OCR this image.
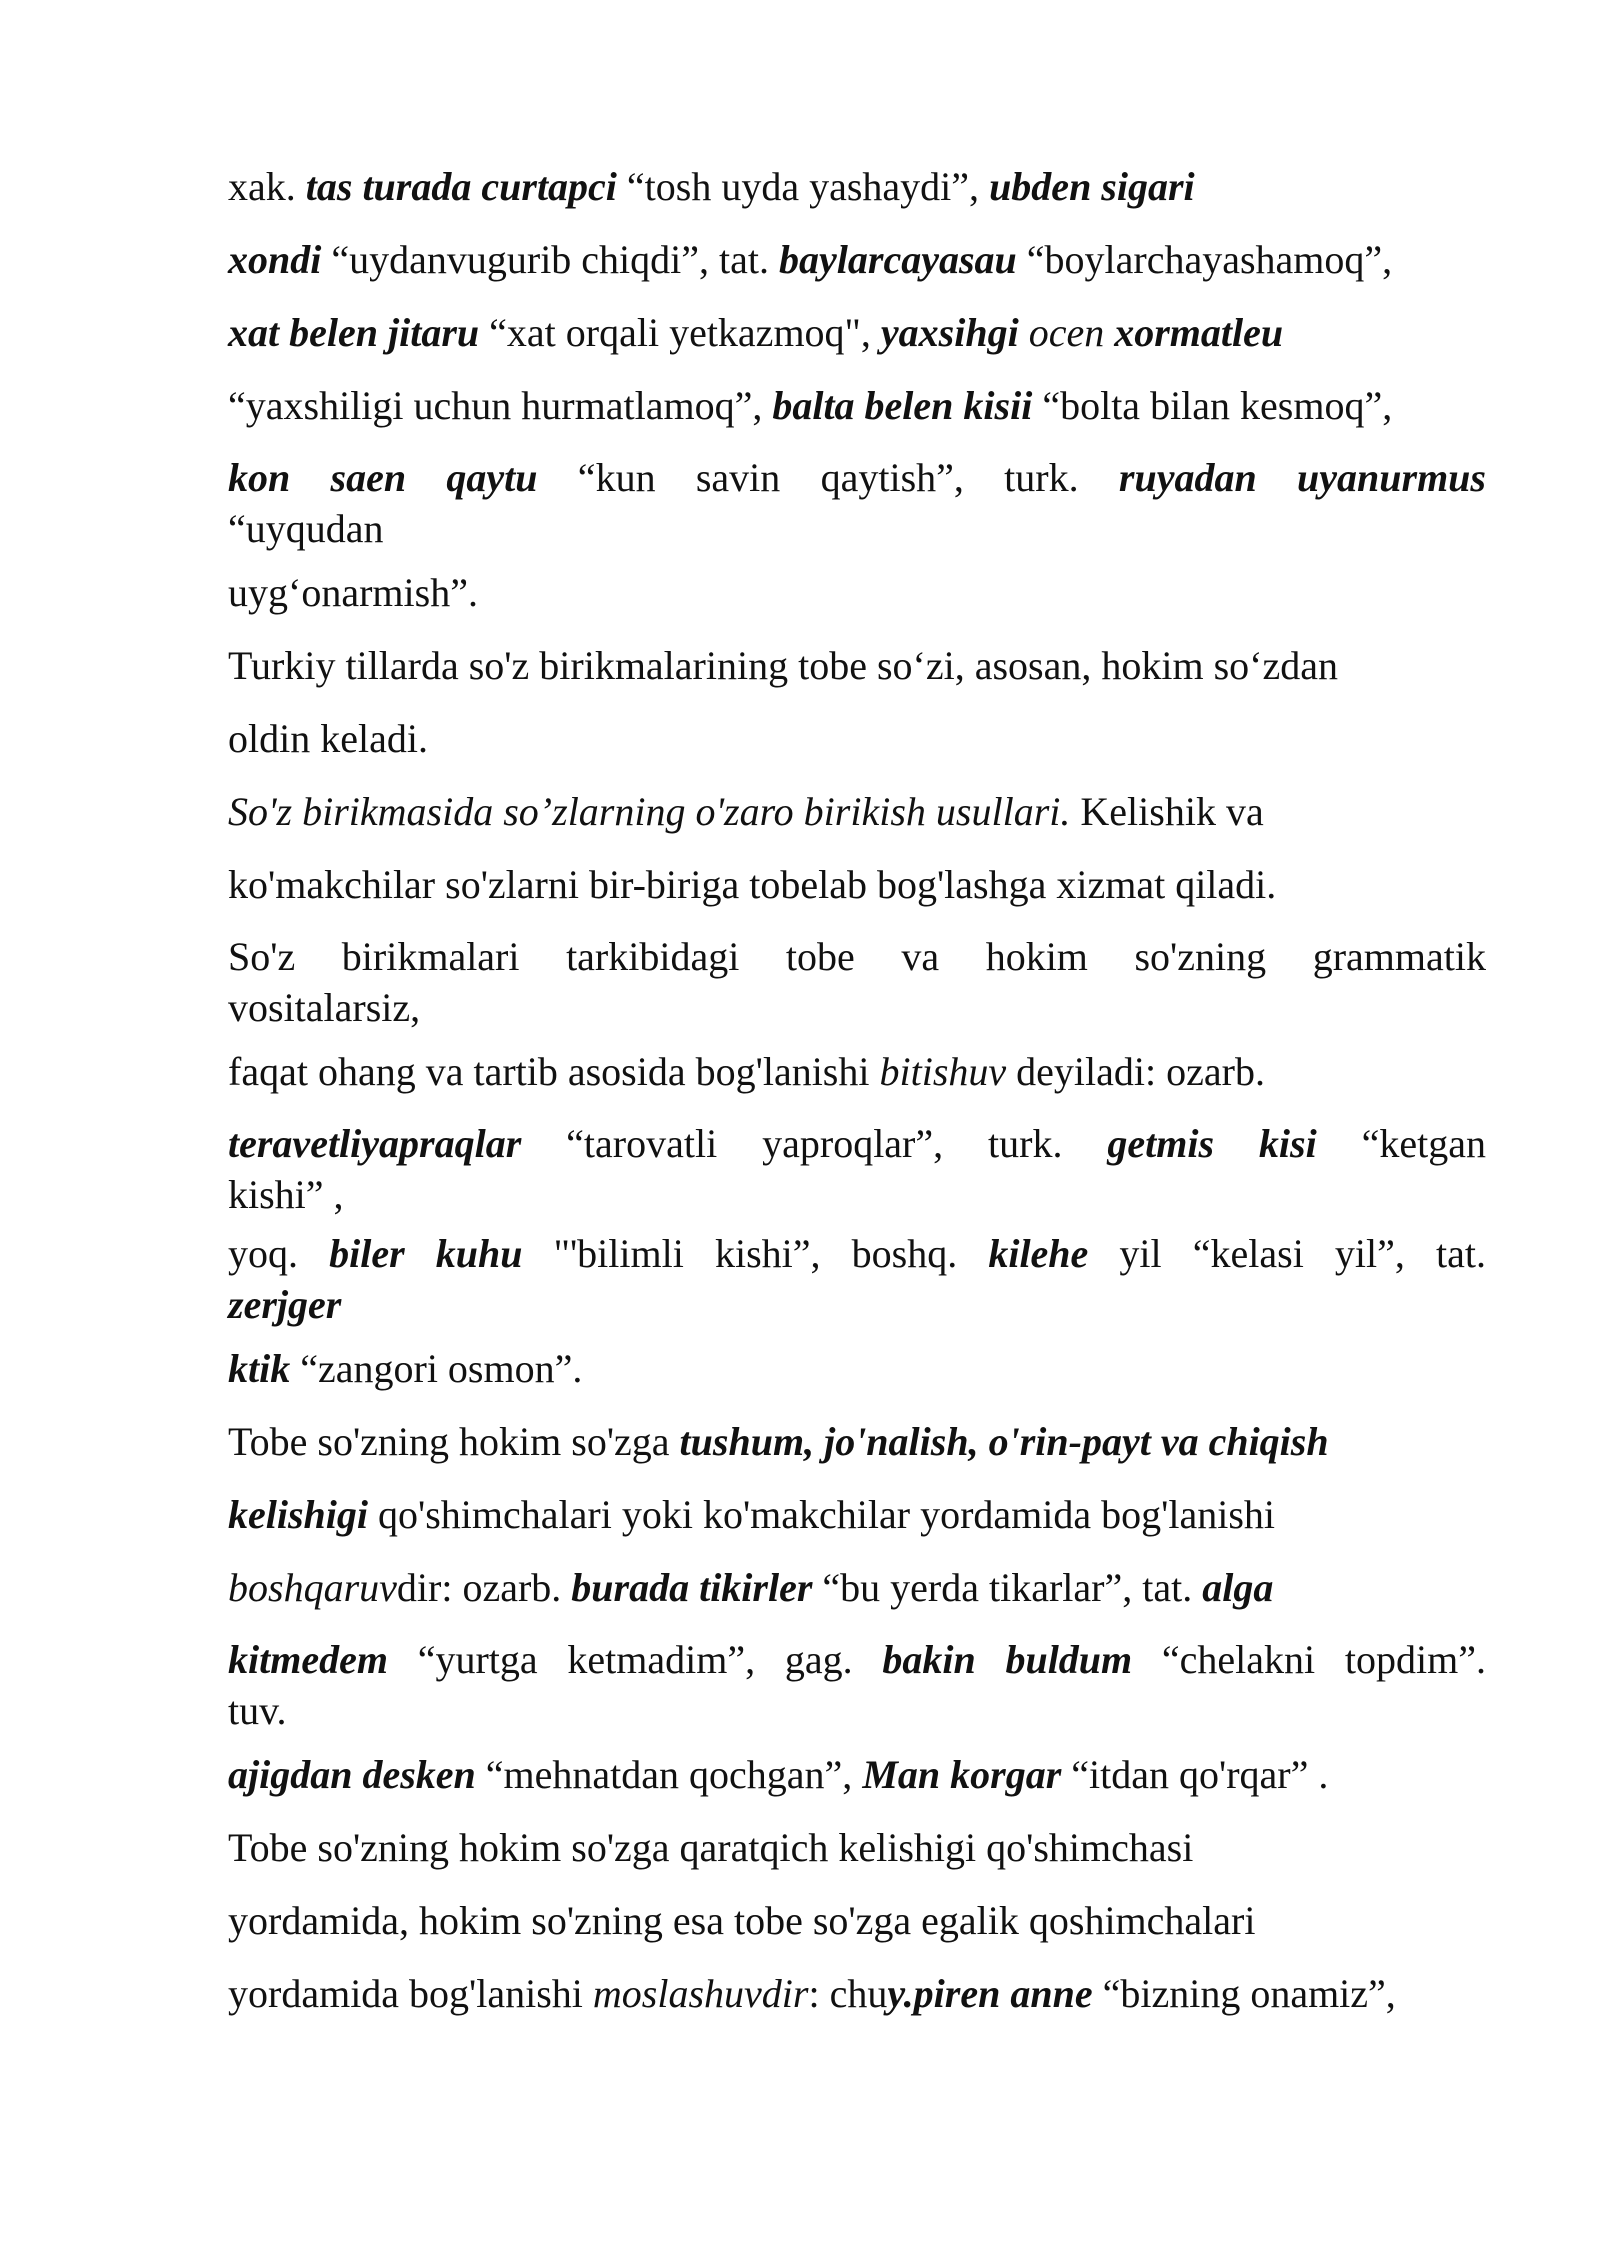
xak. tas turada curtapci “tosh uyda yashaydi”, ubden sigari
xondi “uydanvugurib chiqdi”, tat. baylarcayasau “boylarchayashamoq”,
xat belen jitaru “xat orqali yetkazmoq", yaxsihgi ocen xormatleu
“yaxshiligi uchun hurmatlamoq”, balta belen kisii “bolta bilan kesmoq”,
kon saen qaytu “kun savin qaytish”, turk. ruyadan uyanurmus
“uyqudan
uyg‘onarmish”.
Turkiy tillarda so'z birikmalarining tobe so‘zi, asosan, hokim so‘zdan
oldin keladi.
So'z birikmasida so’zlarning o'zaro birikish usullari. Kelishik va
ko'makchilar so'zlarni bir-biriga tobelab bog'lashga xizmat qiladi.
So'z birikmalari tarkibidagi tobe va hokim so'zning grammatik
vositalarsiz,
faqat ohang va tartib asosida bog'lanishi bitishuv deyiladi: ozarb.
teravetliyapraqlar “tarovatli yaproqlar”, turk. getmis kisi “ketgan
kishi” ,
yoq. biler kuhu "'bilimli kishi”, boshq. kilehe yil “kelasi yil”, tat.
zerjger
ktik “zangori osmon”.
Tobe so'zning hokim so'zga tushum, jo'nalish, o'rin-payt va chiqish
kelishigi qo'shimchalari yoki ko'makchilar yordamida bog'lanishi
boshqaruvdir: ozarb. burada tikirler “bu yerda tikarlar”, tat. alga
kitmedem “yurtga ketmadim”, gag. bakin buldum “chelakni topdim”.
tuv.
ajigdan desken “mehnatdan qochgan”, Man korgar “itdan qo'rqar” .
Tobe so'zning hokim so'zga qaratqich kelishigi qo'shimchasi
yordamida, hokim so'zning esa tobe so'zga egalik qoshimchalari
yordamida bog'lanishi moslashuvdir: chuy.piren anne “bizning onamiz”,
